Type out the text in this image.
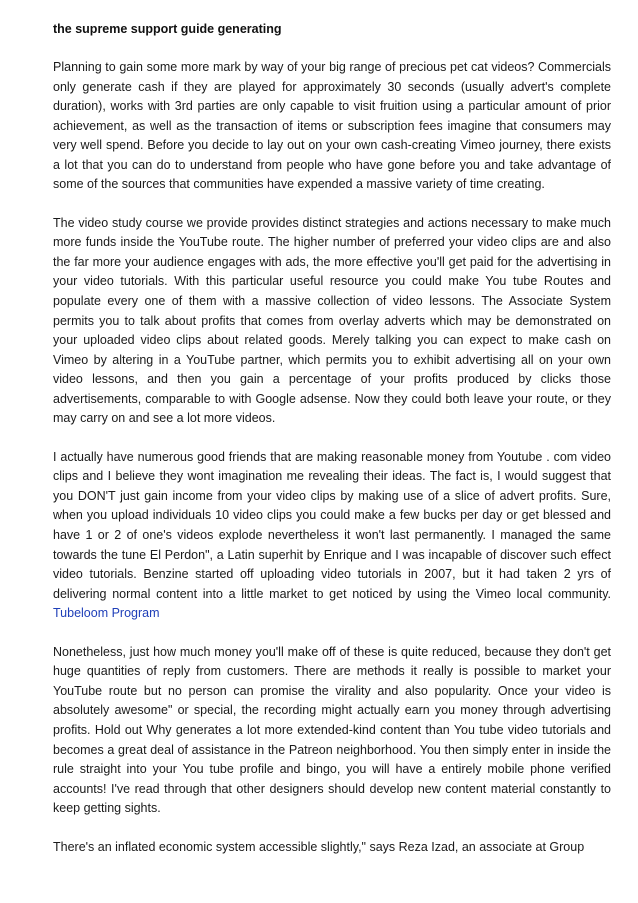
the supreme support guide generating

Planning to gain some more mark by way of your big range of precious pet cat videos? Commercials only generate cash if they are played for approximately 30 seconds (usually advert's complete duration), works with 3rd parties are only capable to visit fruition using a particular amount of prior achievement, as well as the transaction of items or subscription fees imagine that consumers may very well spend. Before you decide to lay out on your own cash-creating Vimeo journey, there exists a lot that you can do to understand from people who have gone before you and take advantage of some of the sources that communities have expended a massive variety of time creating.

The video study course we provide provides distinct strategies and actions necessary to make much more funds inside the YouTube route. The higher number of preferred your video clips are and also the far more your audience engages with ads, the more effective you'll get paid for the advertising in your video tutorials. With this particular useful resource you could make You tube Routes and populate every one of them with a massive collection of video lessons. The Associate System permits you to talk about profits that comes from overlay adverts which may be demonstrated on your uploaded video clips about related goods. Merely talking you can expect to make cash on Vimeo by altering in a YouTube partner, which permits you to exhibit advertising all on your own video lessons, and then you gain a percentage of your profits produced by clicks those advertisements, comparable to with Google adsense. Now they could both leave your route, or they may carry on and see a lot more videos.

I actually have numerous good friends that are making reasonable money from Youtube . com video clips and I believe they wont imagination me revealing their ideas. The fact is, I would suggest that you DON'T just gain income from your video clips by making use of a slice of advert profits. Sure, when you upload individuals 10 video clips you could make a few bucks per day or get blessed and have 1 or 2 of one's videos explode nevertheless it won't last permanently. I managed the same towards the tune El Perdon", a Latin superhit by Enrique and I was incapable of discover such effect video tutorials. Benzine started off uploading video tutorials in 2007, but it had taken 2 yrs of delivering normal content into a little market to get noticed by using the Vimeo local community. Tubeloom Program

Nonetheless, just how much money you'll make off of these is quite reduced, because they don't get huge quantities of reply from customers. There are methods it really is possible to market your YouTube route but no person can promise the virality and also popularity. Once your video is absolutely awesome" or special, the recording might actually earn you money through advertising profits. Hold out Why generates a lot more extended-kind content than You tube video tutorials and becomes a great deal of assistance in the Patreon neighborhood. You then simply enter in inside the rule straight into your You tube profile and bingo, you will have a entirely mobile phone verified accounts! I've read through that other designers should develop new content material constantly to keep getting sights.

There's an inflated economic system accessible slightly," says Reza Izad, an associate at Group
